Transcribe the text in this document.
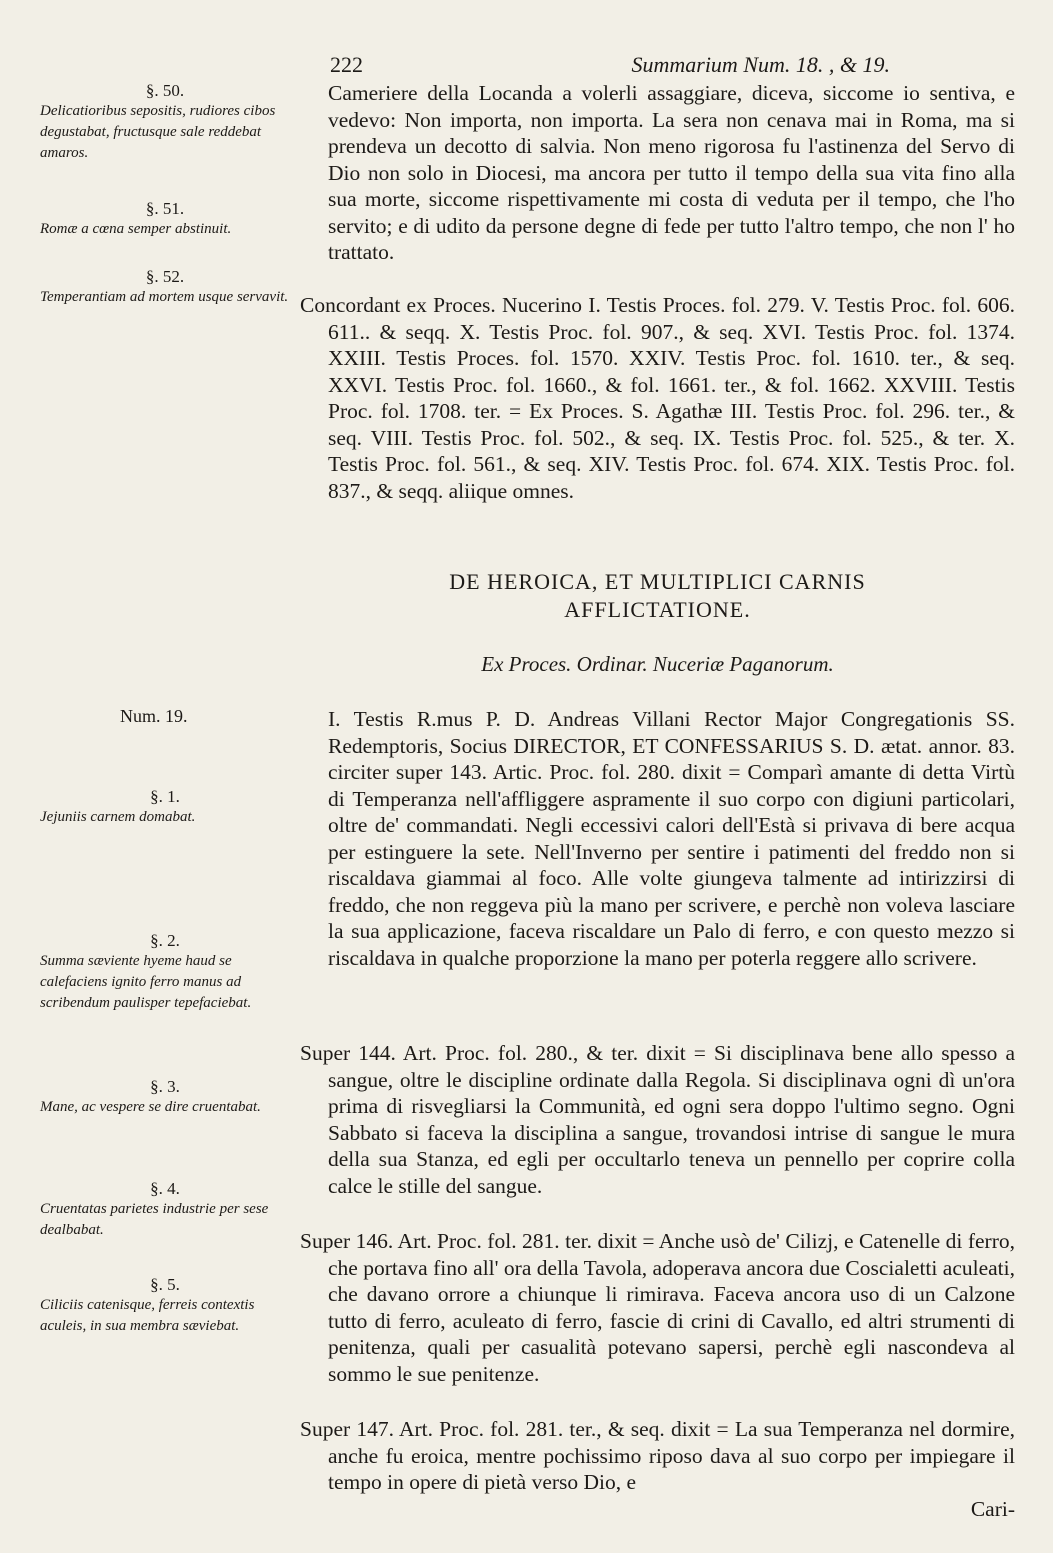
222	Summarium Num. 18. , & 19.
§. 50.
Delicatioribus sepositis, rudiores cibos degustabat, fructusque sale reddebat amaros.
§. 51.
Romæ a cœna semper abstinuit.
§. 52.
Temperantiam ad mortem usque servavit.
§. 1.
Jejuniis carnem domabat.
§. 2.
Summa sæviente hyeme haud se calefaciens ignito ferro manus ad scribendum paulisper tepefaciebat.
§. 3.
Mane, ac vespere se dire cruentabat.
§. 4.
Cruentatas parietes industrie per sese dealbabat.
§. 5.
Ciliciis catenisque, ferreis contextis aculeis, in sua membra sæviebat.

Cameriere della Locanda a volerli assaggiare, diceva, siccome io sentiva, e vedevo: Non importa, non importa. La sera non cenava mai in Roma, ma si prendeva un decotto di salvia. Non meno rigorosa fu l'astinenza del Servo di Dio non solo in Diocesi, ma ancora per tutto il tempo della sua vita fino alla sua morte, siccome rispettivamente mi costa di veduta per il tempo, che l'ho servito; e di udito da persone degne di fede per tutto l'altro tempo, che non l' ho trattato.

Concordant ex Proces. Nucerino I. Testis Proces. fol. 279. V. Testis Proc. fol. 606. 611.. & seqq. X. Testis Proc. fol. 907., & seq. XVI. Testis Proc. fol. 1374. XXIII. Testis Proces. fol. 1570. XXIV. Testis Proc. fol. 1610. ter., & seq. XXVI. Testis Proc. fol. 1660., & fol. 1661. ter., & fol. 1662. XXVIII. Testis Proc. fol. 1708. ter. = Ex Proces. S. Agathæ III. Testis Proc. fol. 296. ter., & seq. VIII. Testis Proc. fol. 502., & seq. IX. Testis Proc. fol. 525., & ter. X. Testis Proc. fol. 561., & seq. XIV. Testis Proc. fol. 674. XIX. Testis Proc. fol. 837., & seqq. aliique omnes.

DE HEROICA, ET MULTIPLICI CARNIS
AFFLICTATIONE.
Ex Proces. Ordinar. Nuceriæ Paganorum.
Num. 19.	I. Testis R.mus P. D. Andreas Villani Rector Major Congregationis SS. Redemptoris, Socius DIRECTOR, ET CONFESSARIUS S. D. ætat. annor. 83. circiter super 143. Artic. Proc. fol. 280. dixit = Comparì amante di detta Virtù di Temperanza nell'affliggere aspramente il suo corpo con digiuni particolari, oltre de' commandati. Negli eccessivi calori dell'Està si privava di bere acqua per estinguere la sete. Nell'Inverno per sentire i patimenti del freddo non si riscaldava giammai al foco. Alle volte giungeva talmente ad intirizzirsi di freddo, che non reggeva più la mano per scrivere, e perchè non voleva lasciare la sua applicazione, faceva riscaldare un Palo di ferro, e con questo mezzo si riscaldava in qualche proporzione la mano per poterla reggere allo scrivere.

Super 144. Art. Proc. fol. 280., & ter. dixit = Si disciplinava bene allo spesso a sangue, oltre le discipline ordinate dalla Regola. Si disciplinava ogni dì un'ora prima di risvegliarsi la Communità, ed ogni sera doppo l'ultimo segno. Ogni Sabbato si faceva la disciplina a sangue, trovandosi intrise di sangue le mura della sua Stanza, ed egli per occultarlo teneva un pennello per coprire colla calce le stille del sangue.

Super 146. Art. Proc. fol. 281. ter. dixit = Anche usò de' Cilizj, e Catenelle di ferro, che portava fino all' ora della Tavola, adoperava ancora due Coscialetti aculeati, che davano orrore a chiunque li rimirava. Faceva ancora uso di un Calzone tutto di ferro, aculeato di ferro, fascie di crini di Cavallo, ed altri strumenti di penitenza, quali per casualità potevano sapersi, perchè egli nascondeva al sommo le sue penitenze.

Super 147. Art. Proc. fol. 281. ter., & seq. dixit = La sua Temperanza nel dormire, anche fu eroica, mentre pochissimo riposo dava al suo corpo per impiegare il tempo in opere di pietà verso Dio, e

Cari-
